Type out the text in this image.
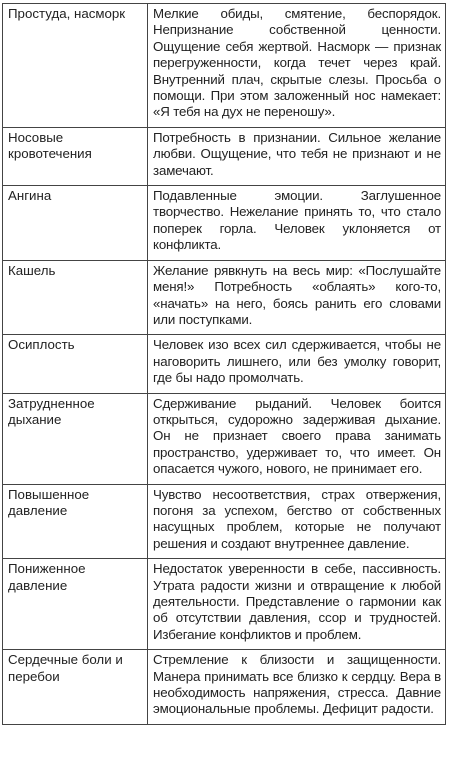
Простуда, насморк	Мелкие обиды, смятение, беспорядок. Непризнание собственной ценности. Ощущение себя жертвой. Насморк — признак перегруженности, когда течет через край. Внутренний плач, скрытые слезы. Просьба о помощи. При этом заложенный нос намекает: «Я тебя на дух не переношу».

Носовые кровотечения	Потребность в признании. Сильное желание любви. Ощущение, что тебя не признают и не замечают.

Ангина	Подавленные эмоции. Заглушенное творчество. Нежелание принять то, что стало поперек горла. Человек уклоняется от конфликта.

Кашель	Желание рявкнуть на весь мир: «Послушайте меня!» Потребность «облаять» кого-то, «начать» на него, боясь ранить его словами или поступками.

Осиплость	Человек изо всех сил сдерживается, чтобы не наговорить лишнего, или без умолку говорит, где бы надо промолчать.

Затрудненное дыхание	Сдерживание рыданий. Человек боится открыться, судорожно задерживая дыхание. Он не признает своего права занимать пространство, удерживает то, что имеет. Он опасается чужого, нового, не принимает его.

Повышенное давление	Чувство несоответствия, страх отвержения, погоня за успехом, бегство от собственных насущных проблем, которые не получают решения и создают внутреннее давление.

Пониженное давление	Недостаток уверенности в себе, пассивность. Утрата радости жизни и отвращение к любой деятельности. Представление о гармонии как об отсутствии давления, ссор и трудностей. Избегание конфликтов и проблем.

Сердечные боли и перебои	Стремление к близости и защищенности. Манера принимать все близко к сердцу. Вера в необходимость напряжения, стресса. Давние эмоциональные проблемы. Дефицит радости.
